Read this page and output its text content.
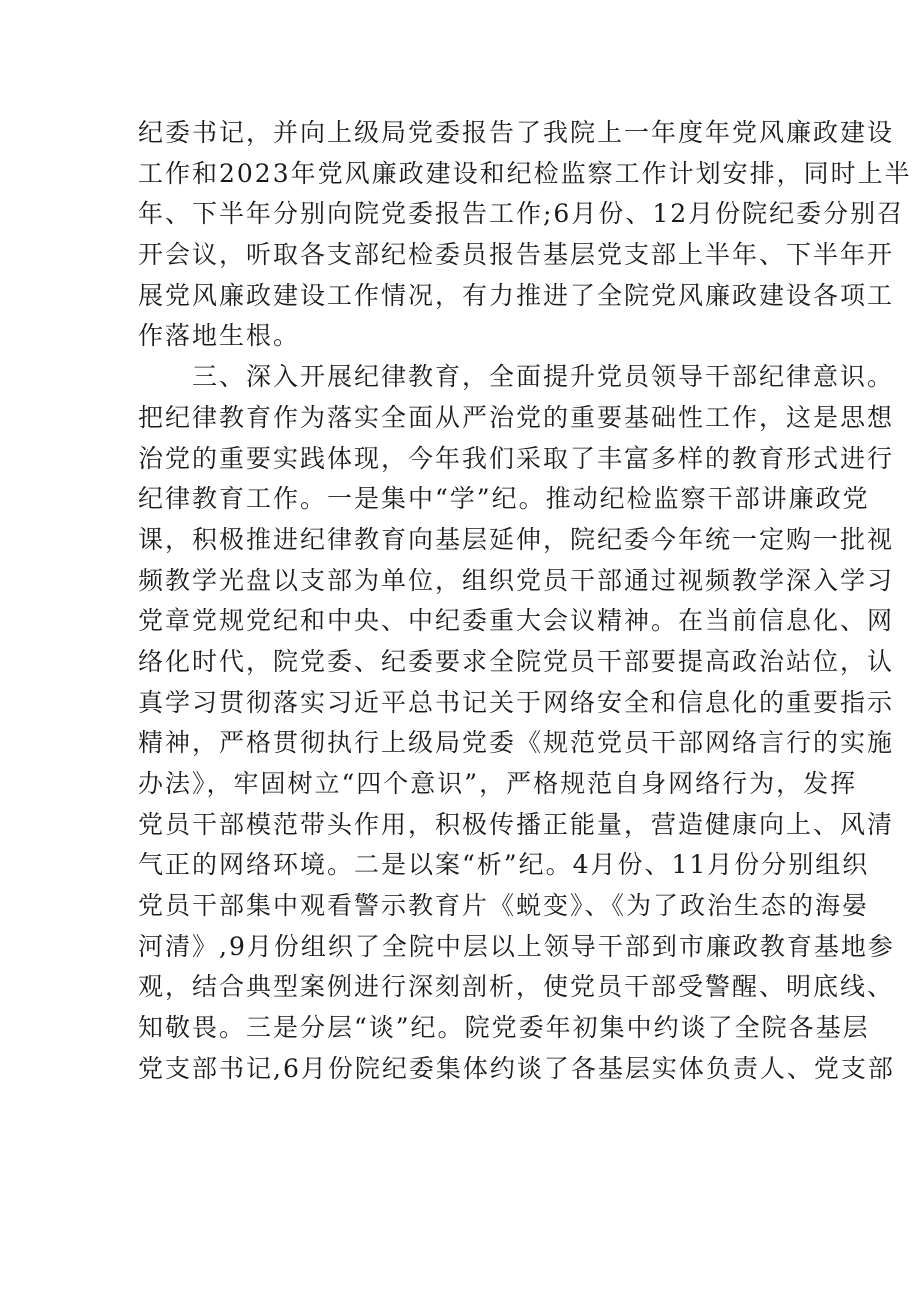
纪委书记，并向上级局党委报告了我院上一年度年党风廉政建设
工作和2023年党风廉政建设和纪检监察工作计划安排，同时上半
年、下半年分别向院党委报告工作;6月份、12月份院纪委分别召
开会议，听取各支部纪检委员报告基层党支部上半年、下半年开
展党风廉政建设工作情况，有力推进了全院党风廉政建设各项工
作落地生根。
　　三、深入开展纪律教育，全面提升党员领导干部纪律意识。
把纪律教育作为落实全面从严治党的重要基础性工作，这是思想
治党的重要实践体现，今年我们采取了丰富多样的教育形式进行
纪律教育工作。一是集中“学”纪。推动纪检监察干部讲廉政党
课，积极推进纪律教育向基层延伸，院纪委今年统一定购一批视
频教学光盘以支部为单位，组织党员干部通过视频教学深入学习
党章党规党纪和中央、中纪委重大会议精神。在当前信息化、网
络化时代，院党委、纪委要求全院党员干部要提高政治站位，认
真学习贯彻落实习近平总书记关于网络安全和信息化的重要指示
精神，严格贯彻执行上级局党委《规范党员干部网络言行的实施
办法》，牢固树立“四个意识”，严格规范自身网络行为，发挥
党员干部模范带头作用，积极传播正能量，营造健康向上、风清
气正的网络环境。二是以案“析”纪。4月份、11月份分别组织
党员干部集中观看警示教育片《蜕变》、《为了政治生态的海晏
河清》,9月份组织了全院中层以上领导干部到市廉政教育基地参
观，结合典型案例进行深刻剖析，使党员干部受警醒、明底线、
知敬畏。三是分层“谈”纪。院党委年初集中约谈了全院各基层
党支部书记,6月份院纪委集体约谈了各基层实体负责人、党支部
